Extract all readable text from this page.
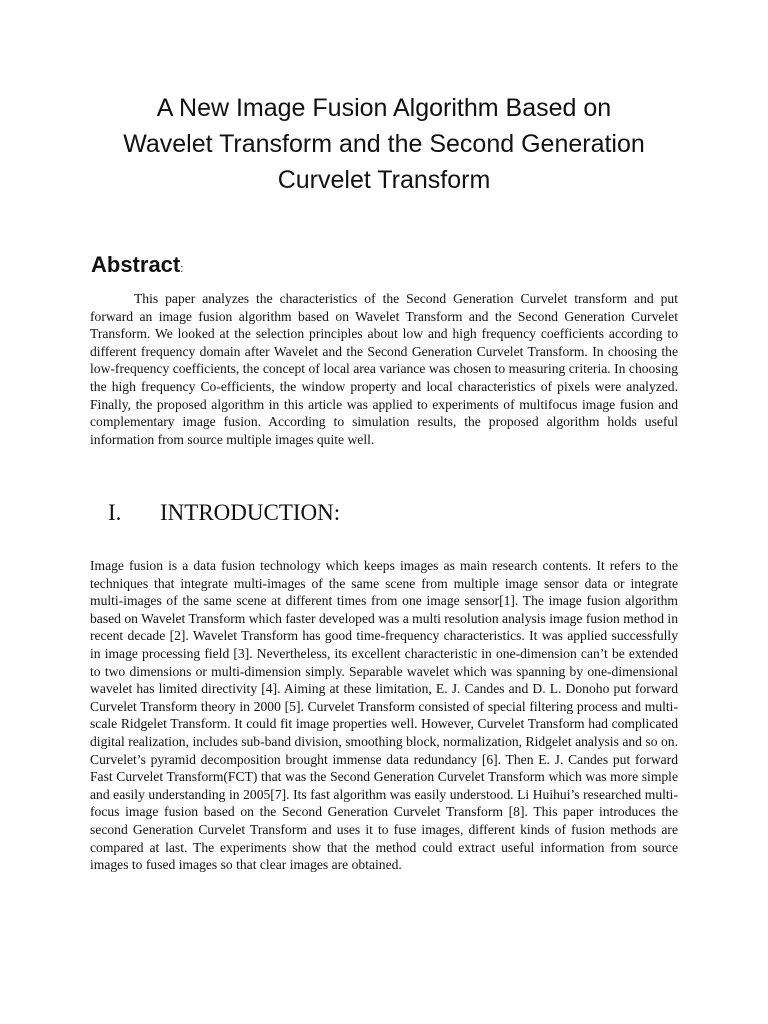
A New Image Fusion Algorithm Based on
Wavelet Transform and the Second Generation
Curvelet Transform
Abstract:

This paper analyzes the characteristics of the Second Generation Curvelet transform and put forward an image fusion algorithm based on Wavelet Transform and the Second Generation Curvelet Transform. We looked at the selection principles about low and high frequency coefficients according to different frequency domain after Wavelet and the Second Generation Curvelet Transform. In choosing the low-frequency coefficients, the concept of local area variance was chosen to measuring criteria. In choosing the high frequency Co-efficients, the window property and local characteristics of pixels were analyzed. Finally, the proposed algorithm in this article was applied to experiments of multifocus image fusion and complementary image fusion. According to simulation results, the proposed algorithm holds useful information from source multiple images quite well.

I. INTRODUCTION:

Image fusion is a data fusion technology which keeps images as main research contents. It refers to the techniques that integrate multi-images of the same scene from multiple image sensor data or integrate multi-images of the same scene at different times from one image sensor[1]. The image fusion algorithm based on Wavelet Transform which faster developed was a multi resolution analysis image fusion method in recent decade [2]. Wavelet Transform has good time-frequency characteristics. It was applied successfully in image processing field [3]. Nevertheless, its excellent characteristic in one-dimension can’t be extended to two dimensions or multi-dimension simply. Separable wavelet which was spanning by one-dimensional wavelet has limited directivity [4]. Aiming at these limitation, E. J. Candes and D. L. Donoho put forward Curvelet Transform theory in 2000 [5]. Curvelet Transform consisted of special filtering process and multi-scale Ridgelet Transform. It could fit image properties well. However, Curvelet Transform had complicated digital realization, includes sub-band division, smoothing block, normalization, Ridgelet analysis and so on. Curvelet’s pyramid decomposition brought immense data redundancy [6]. Then E. J. Candes put forward Fast Curvelet Transform(FCT) that was the Second Generation Curvelet Transform which was more simple and easily understanding in 2005[7]. Its fast algorithm was easily understood. Li Huihui’s researched multi-focus image fusion based on the Second Generation Curvelet Transform [8]. This paper introduces the second Generation Curvelet Transform and uses it to fuse images, different kinds of fusion methods are compared at last. The experiments show that the method could extract useful information from source images to fused images so that clear images are obtained.
